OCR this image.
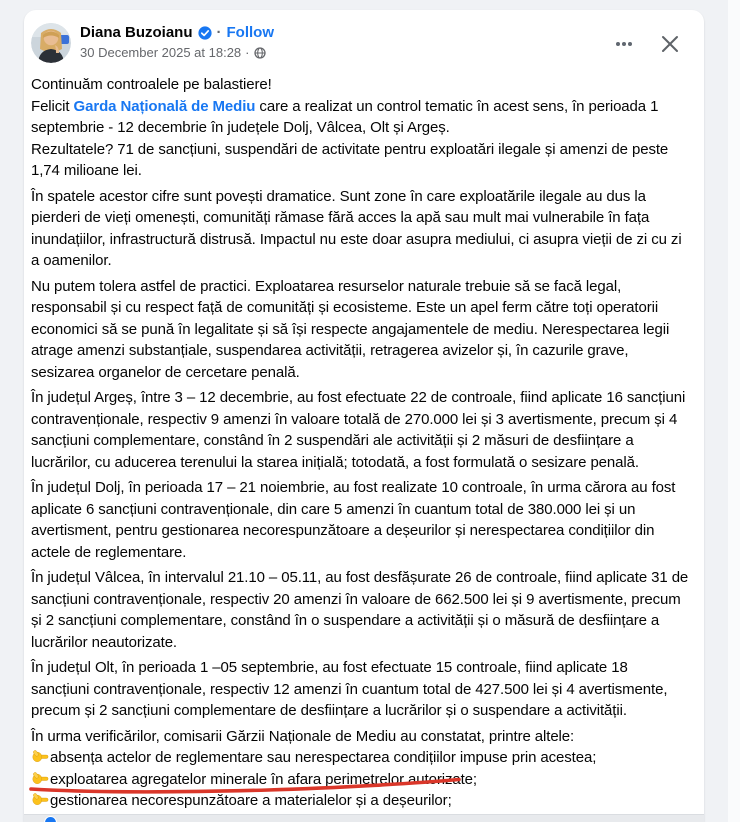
Diana Buzoianu · Follow
30 December 2025 at 18:28 ·

Continuăm controalele pe balastiere!
Felicit Garda Națională de Mediu care a realizat un control tematic în acest sens, în perioada 1 septembrie - 12 decembrie în județele Dolj, Vâlcea, Olt și Argeș.
Rezultatele? 71 de sancțiuni, suspendări de activitate pentru exploatări ilegale și amenzi de peste 1,74 milioane lei.

În spatele acestor cifre sunt povești dramatice. Sunt zone în care exploatările ilegale au dus la pierderi de vieți omenești, comunități rămase fără acces la apă sau mult mai vulnerabile în fața inundațiilor, infrastructură distrusă. Impactul nu este doar asupra mediului, ci asupra vieții de zi cu zi a oamenilor.

Nu putem tolera astfel de practici. Exploatarea resurselor naturale trebuie să se facă legal, responsabil și cu respect față de comunități și ecosisteme. Este un apel ferm către toți operatorii economici să se pună în legalitate și să își respecte angajamentele de mediu. Nerespectarea legii atrage amenzi substanțiale, suspendarea activității, retragerea avizelor și, în cazurile grave, sesizarea organelor de cercetare penală.

În județul Argeș, între 3 – 12 decembrie, au fost efectuate 22 de controale, fiind aplicate 16 sancțiuni contravenționale, respectiv 9 amenzi în valoare totală de 270.000 lei și 3 avertismente, precum și 4 sancțiuni complementare, constând în 2 suspendări ale activității și 2 măsuri de desființare a lucrărilor, cu aducerea terenului la starea inițială; totodată, a fost formulată o sesizare penală.

În județul Dolj, în perioada 17 – 21 noiembrie, au fost realizate 10 controale, în urma cărora au fost aplicate 6 sancțiuni contravenționale, din care 5 amenzi în cuantum total de 380.000 lei și un avertisment, pentru gestionarea necorespunzătoare a deșeurilor și nerespectarea condițiilor din actele de reglementare.

În județul Vâlcea, în intervalul 21.10 – 05.11, au fost desfășurate 26 de controale, fiind aplicate 31 de sancțiuni contravenționale, respectiv 20 amenzi în valoare de 662.500 lei și 9 avertismente, precum și 2 sancțiuni complementare, constând în o suspendare a activității și o măsură de desființare a lucrărilor neautorizate.

În județul Olt, în perioada 1 –05 septembrie, au fost efectuate 15 controale, fiind aplicate 18 sancțiuni contravenționale, respectiv 12 amenzi în cuantum total de 427.500 lei și 4 avertismente, precum și 2 sancțiuni complementare de desființare a lucrărilor și o suspendare a activității.

În urma verificărilor, comisarii Gărzii Naționale de Mediu au constatat, printre altele:
absența actelor de reglementare sau nerespectarea condițiilor impuse prin acestea;
exploatarea agregatelor minerale în afara perimetrelor autorizate;
gestionarea necorespunzătoare a materialelor și a deșeurilor;
